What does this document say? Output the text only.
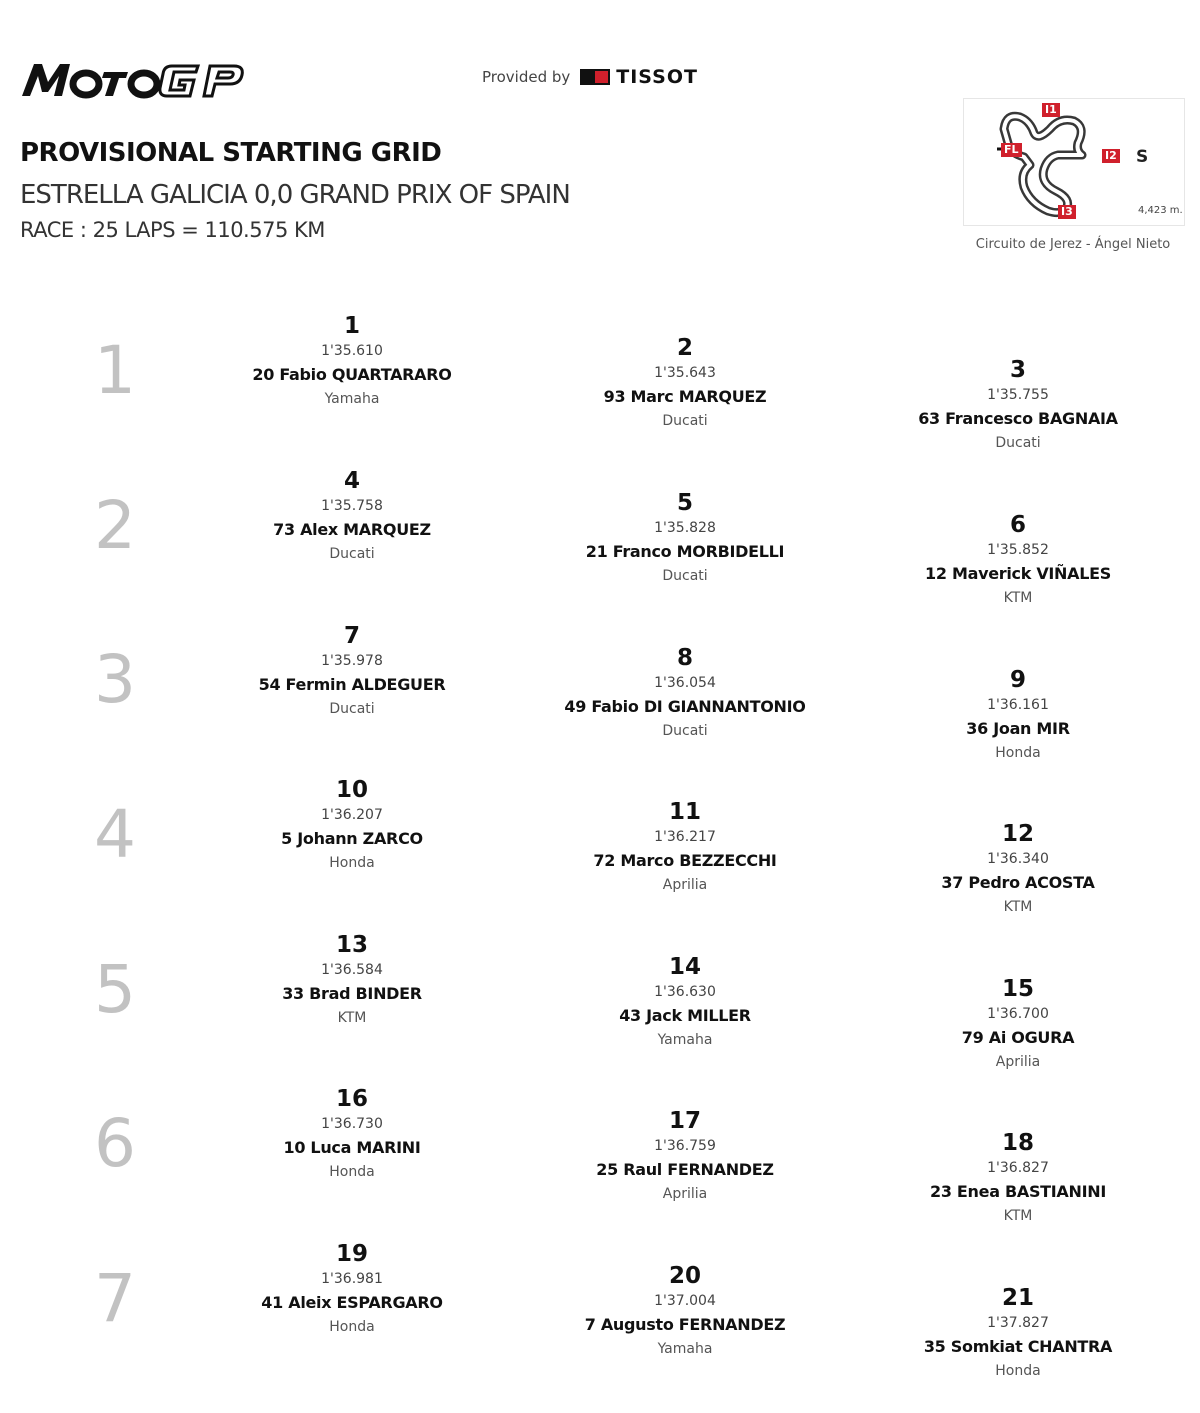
Provided by TISSOT
PROVISIONAL STARTING GRID
ESTRELLA GALICIA 0,0 GRAND PRIX OF SPAIN
RACE : 25 LAPS = 110.575 KM
I1
I2
I3
FL	S
4,423 m.
Circuito de Jerez - Ángel Nieto
1
2
3
4
5
6
7
1
1'35.610
20 Fabio QUARTARARO
Yamaha
2
1'35.643
93 Marc MARQUEZ
Ducati
3
1'35.755
63 Francesco BAGNAIA
Ducati
4
1'35.758
73 Alex MARQUEZ
Ducati
5
1'35.828
21 Franco MORBIDELLI
Ducati
6
1'35.852
12 Maverick VIÑALES
KTM
7
1'35.978
54 Fermin ALDEGUER
Ducati
8
1'36.054
49 Fabio DI GIANNANTONIO
Ducati
9
1'36.161
36 Joan MIR
Honda
10
1'36.207
5 Johann ZARCO
Honda
11
1'36.217
72 Marco BEZZECCHI
Aprilia
12
1'36.340
37 Pedro ACOSTA
KTM
13
1'36.584
33 Brad BINDER
KTM
14
1'36.630
43 Jack MILLER
Yamaha
15
1'36.700
79 Ai OGURA
Aprilia
16
1'36.730
10 Luca MARINI
Honda
17
1'36.759
25 Raul FERNANDEZ
Aprilia
18
1'36.827
23 Enea BASTIANINI
KTM
19
1'36.981
41 Aleix ESPARGARO
Honda
20
1'37.004
7 Augusto FERNANDEZ
Yamaha
21
1'37.827
35 Somkiat CHANTRA
Honda
